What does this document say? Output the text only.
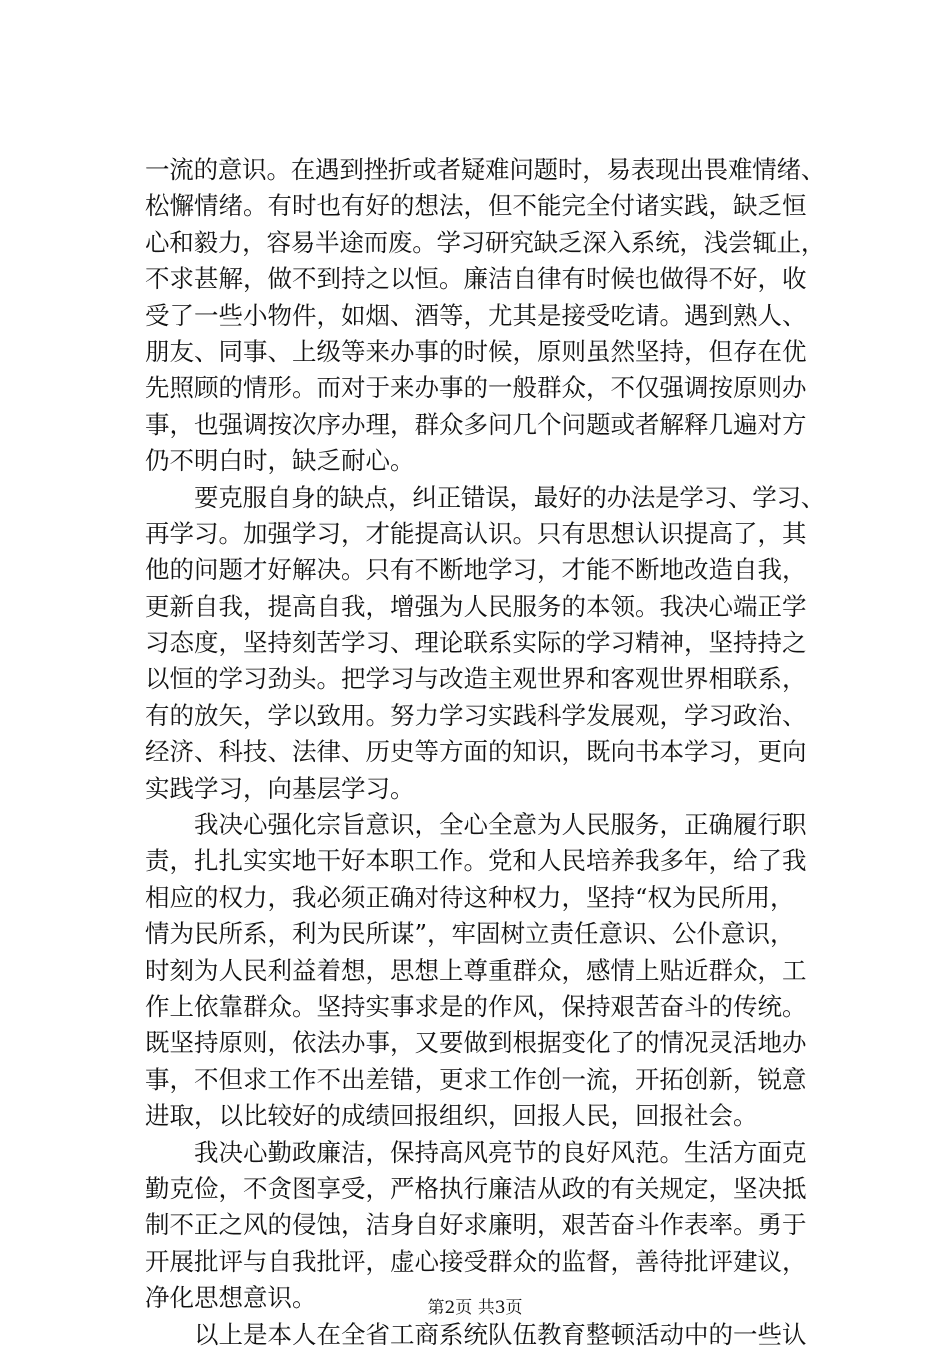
一流的意识。在遇到挫折或者疑难问题时，易表现出畏难情绪、
松懈情绪。有时也有好的想法，但不能完全付诸实践，缺乏恒
心和毅力，容易半途而废。学习研究缺乏深入系统，浅尝辄止，
不求甚解，做不到持之以恒。廉洁自律有时候也做得不好，收
受了一些小物件，如烟、酒等，尤其是接受吃请。遇到熟人、
朋友、同事、上级等来办事的时候，原则虽然坚持，但存在优
先照顾的情形。而对于来办事的一般群众，不仅强调按原则办
事，也强调按次序办理，群众多问几个问题或者解释几遍对方
仍不明白时，缺乏耐心。
要克服自身的缺点，纠正错误，最好的办法是学习、学习、
再学习。加强学习，才能提高认识。只有思想认识提高了，其
他的问题才好解决。只有不断地学习，才能不断地改造自我，
更新自我，提高自我，增强为人民服务的本领。我决心端正学
习态度，坚持刻苦学习、理论联系实际的学习精神，坚持持之
以恒的学习劲头。把学习与改造主观世界和客观世界相联系，
有的放矢，学以致用。努力学习实践科学发展观，学习政治、
经济、科技、法律、历史等方面的知识，既向书本学习，更向
实践学习，向基层学习。
我决心强化宗旨意识，全心全意为人民服务，正确履行职
责，扎扎实实地干好本职工作。党和人民培养我多年，给了我
相应的权力，我必须正确对待这种权力，坚持“权为民所用，
情为民所系，利为民所谋”，牢固树立责任意识、公仆意识，
时刻为人民利益着想，思想上尊重群众，感情上贴近群众，工
作上依靠群众。坚持实事求是的作风，保持艰苦奋斗的传统。
既坚持原则，依法办事，又要做到根据变化了的情况灵活地办
事，不但求工作不出差错，更求工作创一流，开拓创新，锐意
进取，以比较好的成绩回报组织，回报人民，回报社会。
我决心勤政廉洁，保持高风亮节的良好风范。生活方面克
勤克俭，不贪图享受，严格执行廉洁从政的有关规定，坚决抵
制不正之风的侵蚀，洁身自好求廉明，艰苦奋斗作表率。勇于
开展批评与自我批评，虚心接受群众的监督，善待批评建议，
净化思想意识。
以上是本人在全省工商系统队伍教育整顿活动中的一些认
第2页 共3页
